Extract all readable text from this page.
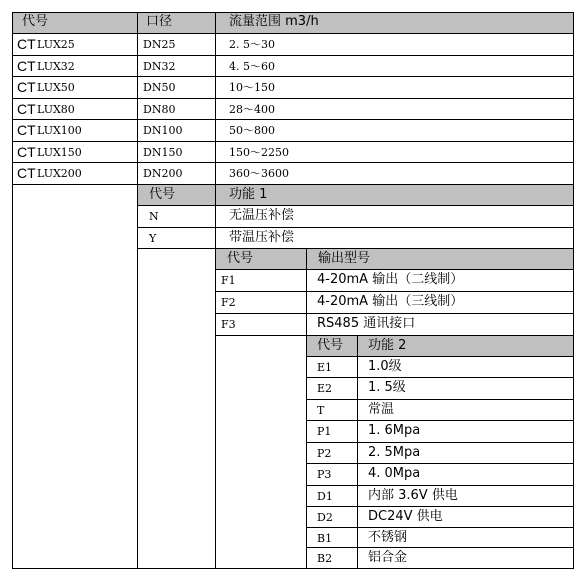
代号	口径	流量范围 m3/h
CT LUX25	DN25	2. 5～30
CT LUX32	DN32	4. 5～60
CT LUX50	DN50	10～150
CT LUX80	DN80	28～400
CT LUX100	DN100	50～800
CT LUX150	DN150	150～2250
CT LUX200	DN200	360～3600
代号	功能 1
N	无温压补偿
Y	带温压补偿
代号	输出型号
F1	4-20mA 输出（二线制）
F2	4-20mA 输出（三线制）
F3	RS485 通讯接口
代号 功能 2
E1	1.0级
E2	1. 5级
T	常温
P1	1. 6Mpa
P2	2. 5Mpa
P3	4. 0Mpa
D1	内部 3.6V 供电
D2	DC24V 供电
B1	不锈钢
B2	铝合金
